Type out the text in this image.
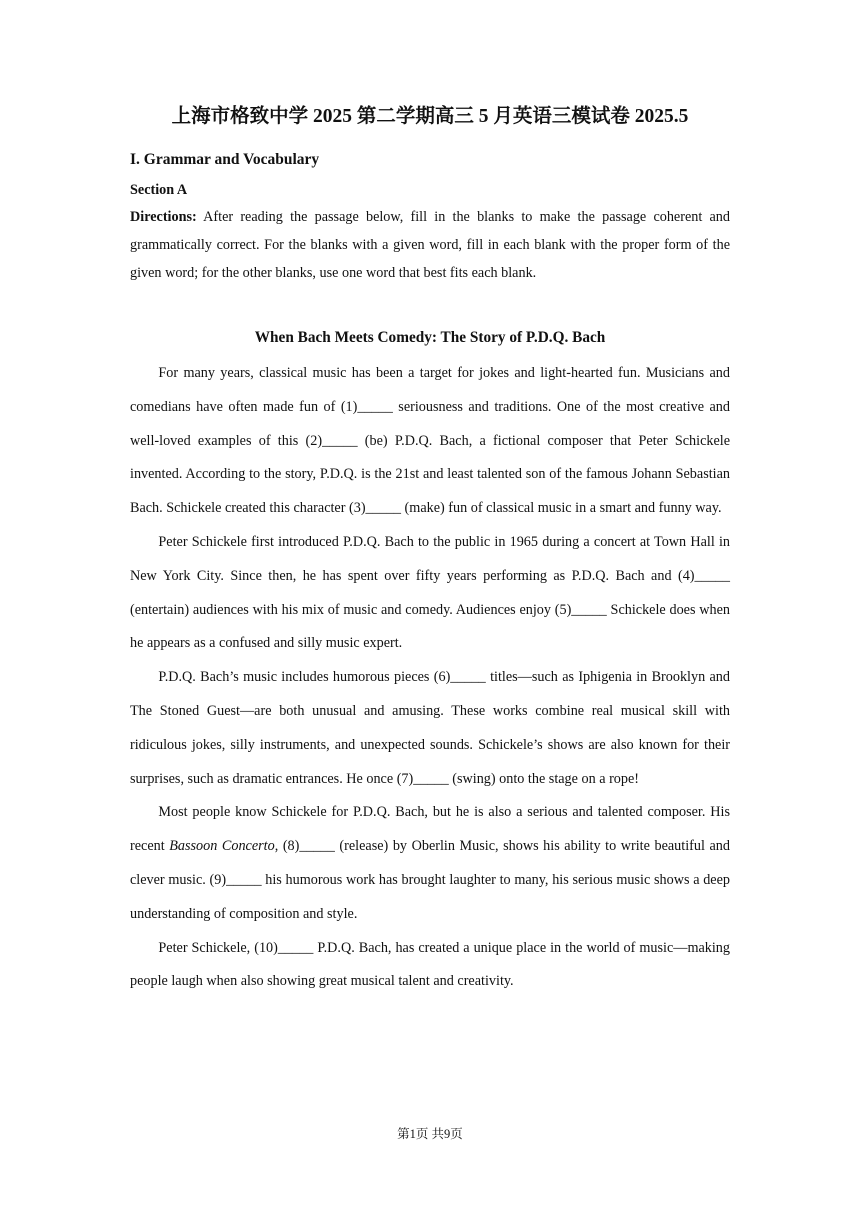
上海市格致中学 2025 第二学期高三 5 月英语三模试卷 2025.5
I. Grammar and Vocabulary
Section A

Directions: After reading the passage below, fill in the blanks to make the passage coherent and grammatically correct. For the blanks with a given word, fill in each blank with the proper form of the given word; for the other blanks, use one word that best fits each blank.

When Bach Meets Comedy: The Story of P.D.Q. Bach

For many years, classical music has been a target for jokes and light-hearted fun. Musicians and comedians have often made fun of (1)_____ seriousness and traditions. One of the most creative and well-loved examples of this (2)_____ (be) P.D.Q. Bach, a fictional composer that Peter Schickele invented. According to the story, P.D.Q. is the 21st and least talented son of the famous Johann Sebastian Bach. Schickele created this character (3)_____ (make) fun of classical music in a smart and funny way.

Peter Schickele first introduced P.D.Q. Bach to the public in 1965 during a concert at Town Hall in New York City. Since then, he has spent over fifty years performing as P.D.Q. Bach and (4)_____ (entertain) audiences with his mix of music and comedy. Audiences enjoy (5)_____ Schickele does when he appears as a confused and silly music expert.

P.D.Q. Bach’s music includes humorous pieces (6)_____ titles—such as Iphigenia in Brooklyn and The Stoned Guest—are both unusual and amusing. These works combine real musical skill with ridiculous jokes, silly instruments, and unexpected sounds. Schickele’s shows are also known for their surprises, such as dramatic entrances. He once (7)_____ (swing) onto the stage on a rope!

Most people know Schickele for P.D.Q. Bach, but he is also a serious and talented composer. His recent Bassoon Concerto, (8)_____ (release) by Oberlin Music, shows his ability to write beautiful and clever music. (9)_____ his humorous work has brought laughter to many, his serious music shows a deep understanding of composition and style.

Peter Schickele, (10)_____ P.D.Q. Bach, has created a unique place in the world of music—making people laugh when also showing great musical talent and creativity.

第1页 共9页
